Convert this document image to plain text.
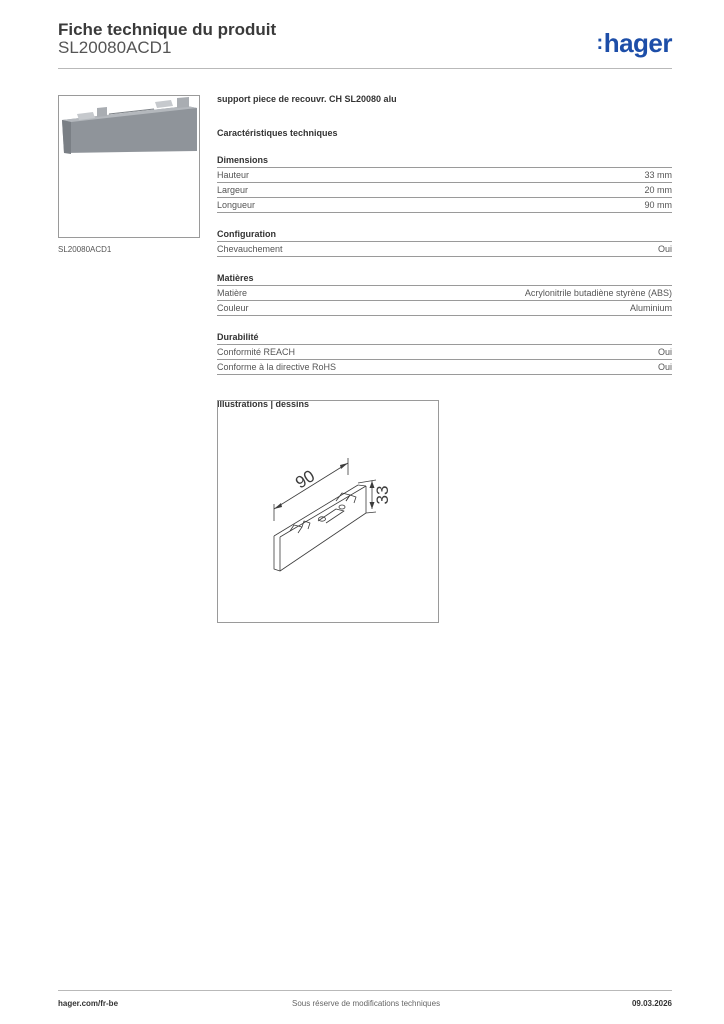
Fiche technique du produit
SL20080ACD1	:hager
SL20080ACD1
support piece de recouvr. CH SL20080 alu
Caractéristiques techniques
Dimensions
Hauteur	33 mm
Largeur	20 mm
Longueur	90 mm
Configuration
Chevauchement	Oui
Matières
Matière	Acrylonitrile butadiène styrène (ABS)
Couleur	Aluminium
Durabilité
Conformité REACH	Oui
Conforme à la directive RoHS	Oui
Illustrations | dessins
90
33
hager.com/fr-be	Sous réserve de modifications techniques	09.03.2026
